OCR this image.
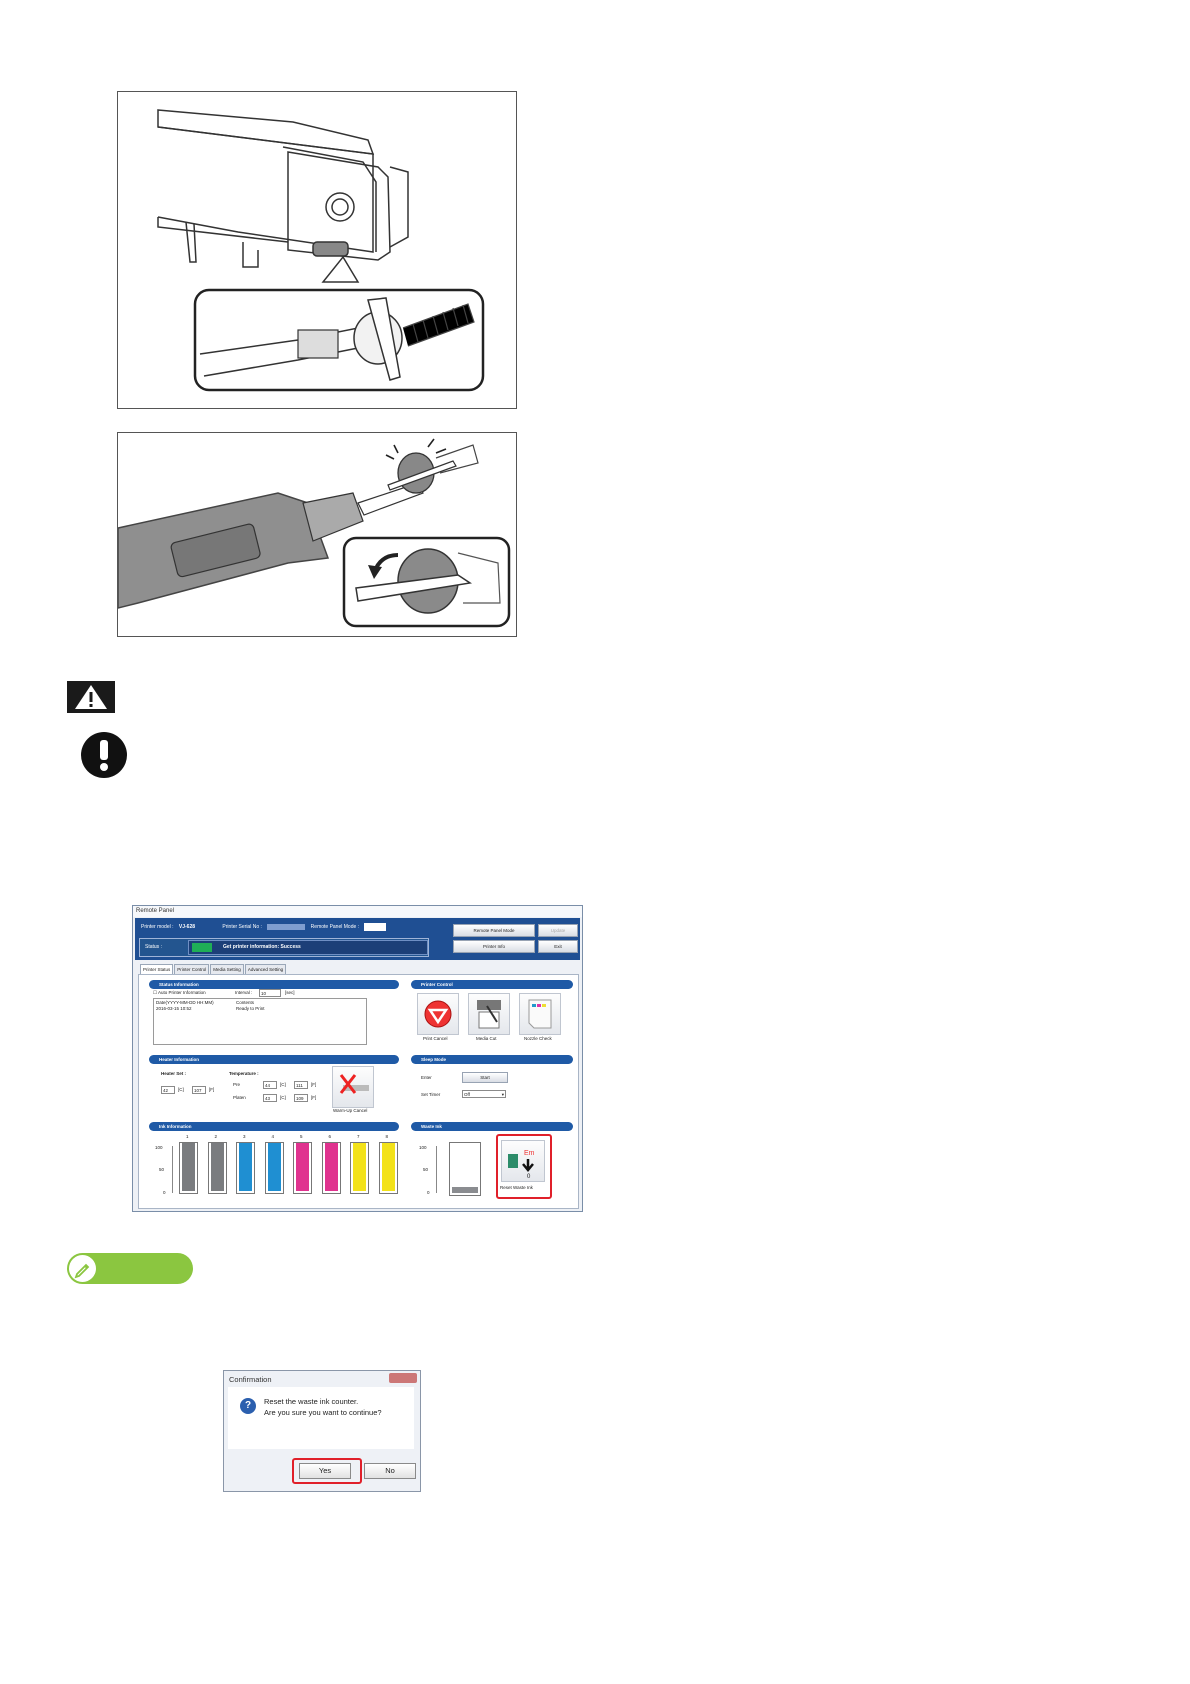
Remote Panel
Printer model : VJ-628	Printer Serial No :	Remote Panel Mode :
Status :	Get printer information: Success
Remote Panel Mode	Update
Printer Info	Exit
Printer Status	Printer Control	Media Setting	Advanced Setting
Status Information
☐ Auto Printer Information	Interval :	10	[sec]
Date(YYYY-MM-DD HH:MM)	Contents
2016-03-15 10:52	Ready to Print
Printer Control
Print Cancel	Media Cut	Nozzle Check
Heater Information
Heater Set :
42	[C]	107	[F]
Temperature :
Pre	44	[C]	111	[F]
Platen	43	[C]	109	[F]
Warm-Up Cancel
Sleep Mode
Enter	Start
Set Timer	Off	▾
Ink Information
100
50
0
1	2	3	4	5	6	7	8
Waste Ink
100
50
0
Em
0
Reset Waste Ink
Confirmation
?	Reset the waste ink counter.
Are you sure you want to continue?
Yes	No
